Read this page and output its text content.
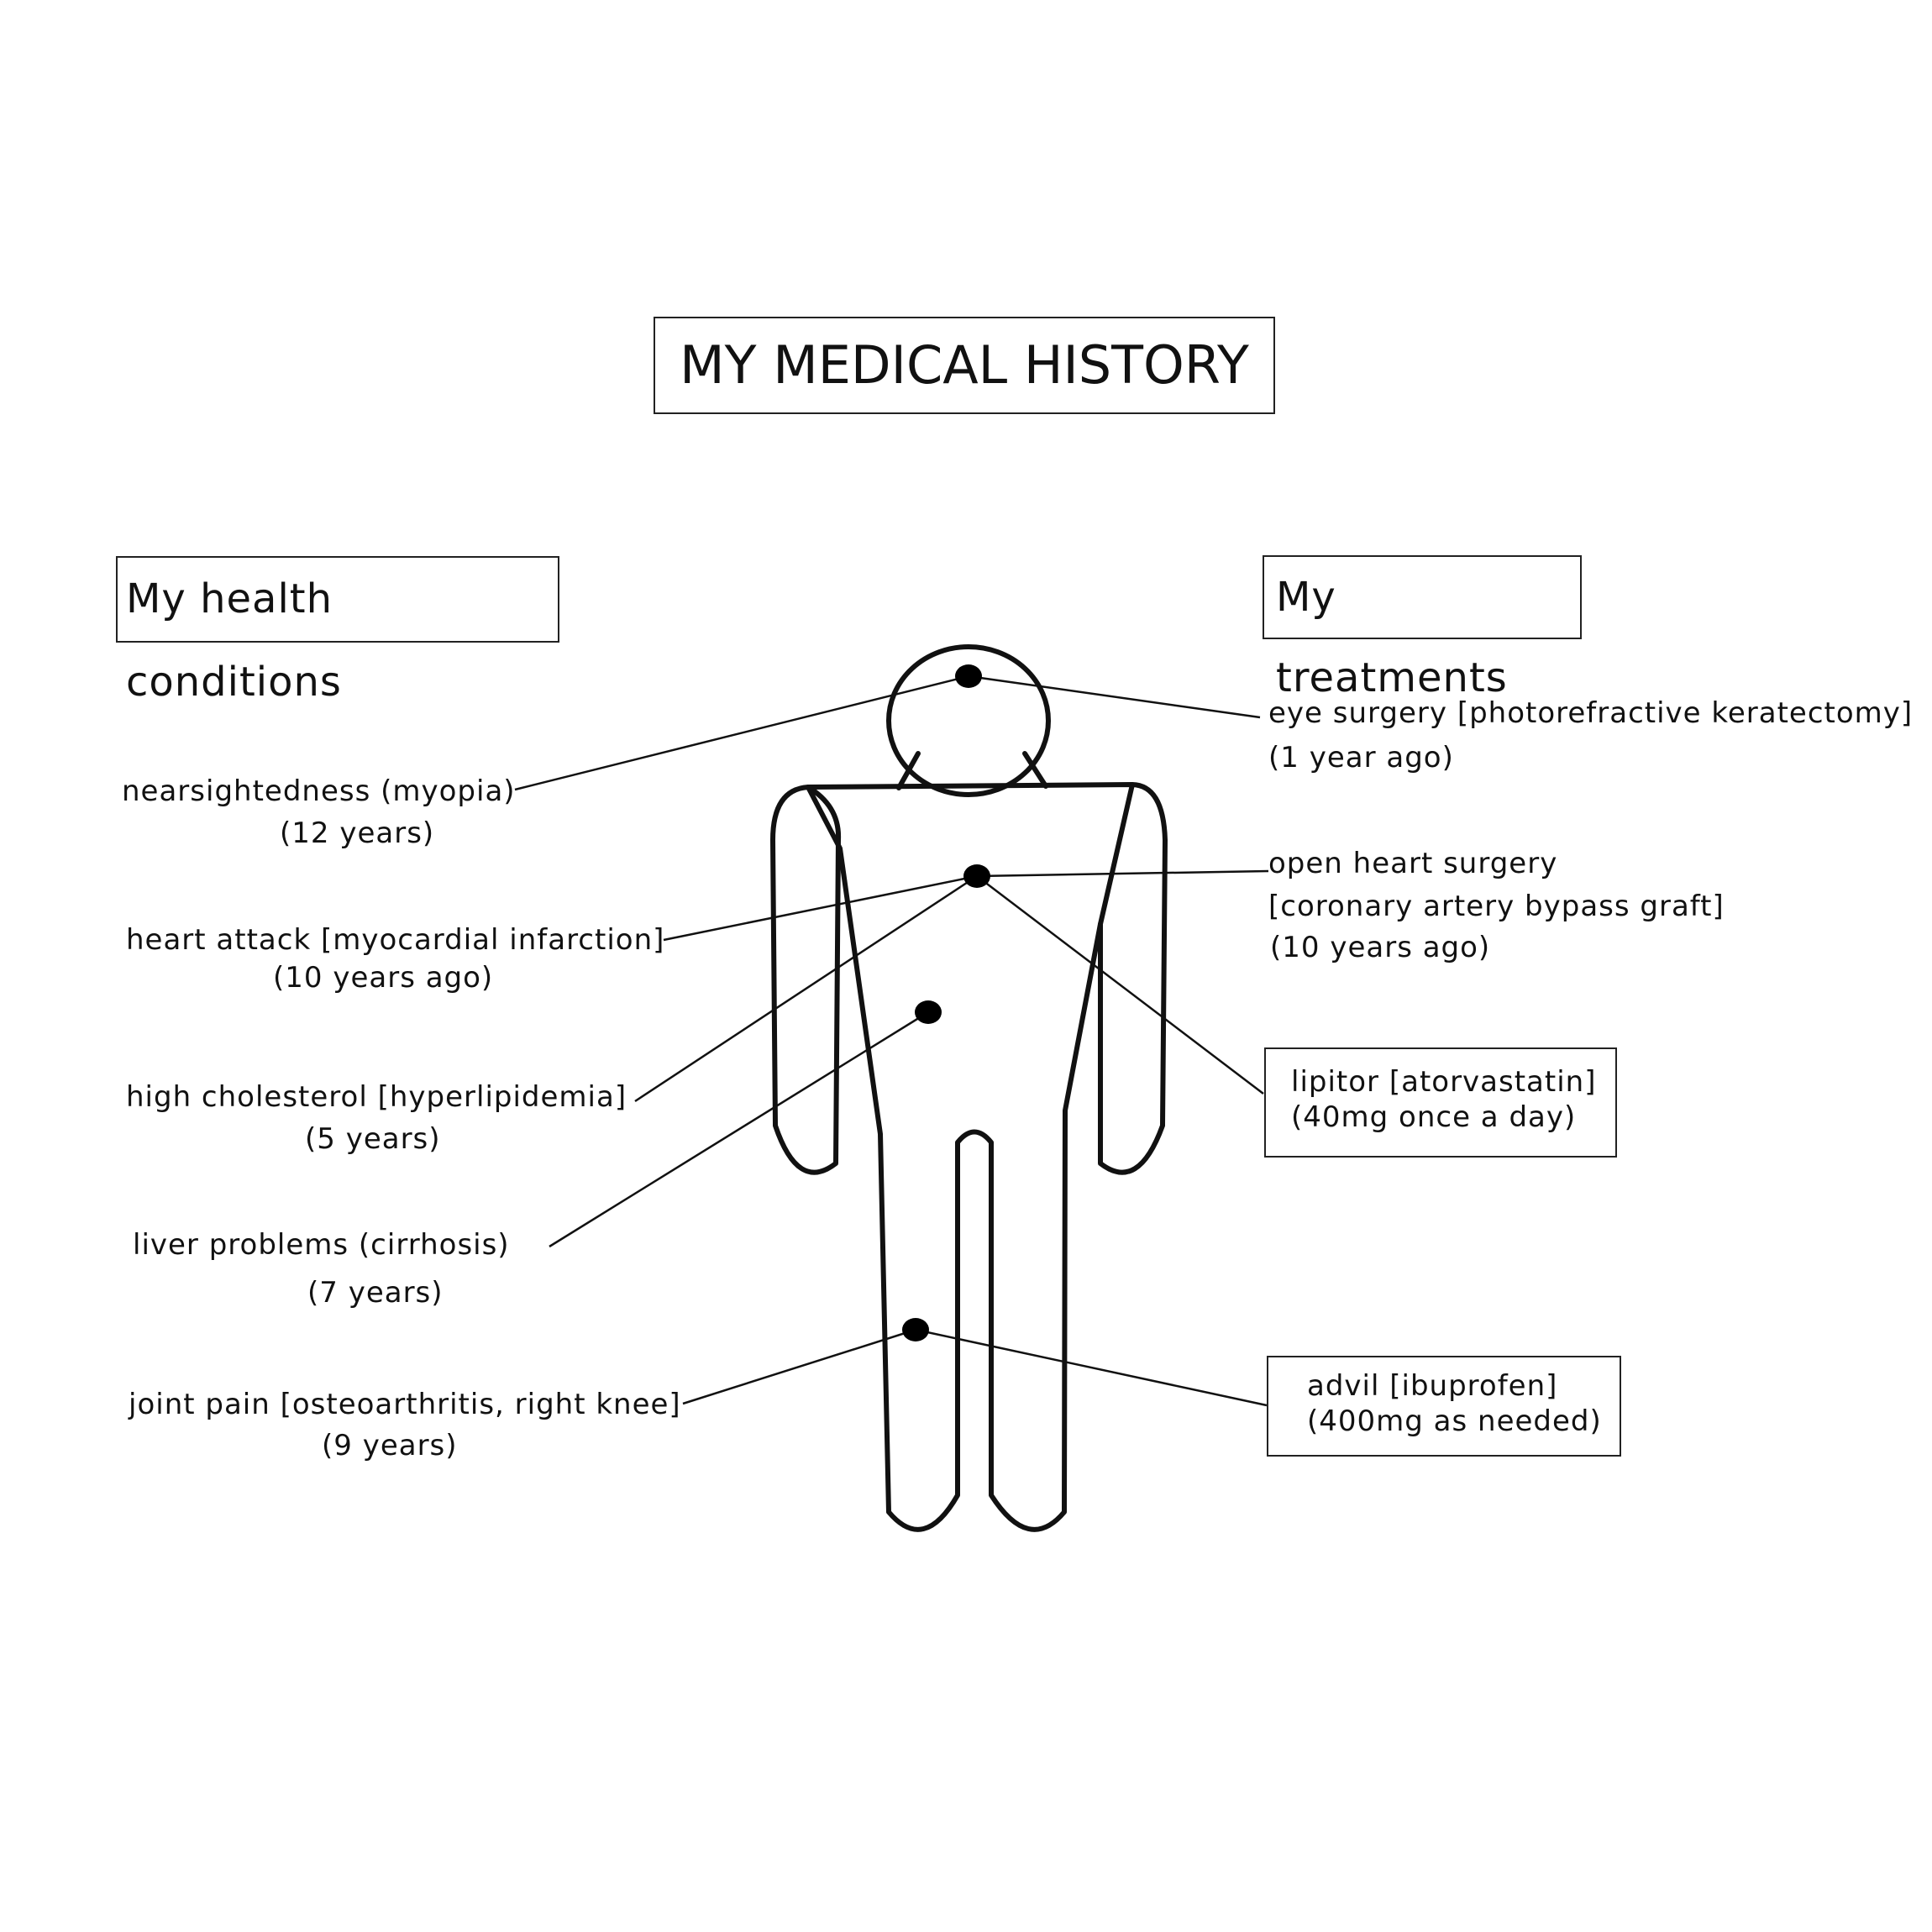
MY MEDICAL HISTORY
My health conditions
My treatments
nearsightedness (myopia)
(12 years)
heart attack [myocardial infarction]
(10 years ago)
high cholesterol [hyperlipidemia]
(5 years)
liver problems (cirrhosis)
(7 years)
joint pain [osteoarthritis, right knee]
(9 years)
eye surgery [photorefractive keratectomy]
(1 year ago)
open heart surgery
[coronary artery bypass graft]
(10 years ago)
lipitor [atorvastatin]
(40mg once a day)
advil [ibuprofen]
(400mg as needed)
